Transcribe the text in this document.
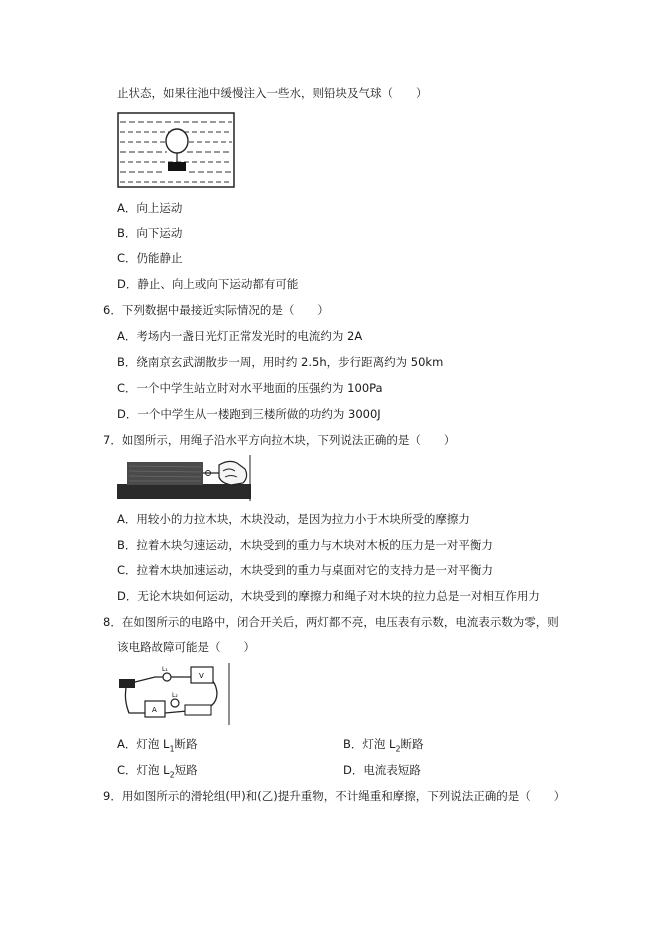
止状态，如果往池中缓慢注入一些水，则铅块及气球（　　）
A．向上运动
B．向下运动
C．仍能静止
D．静止、向上或向下运动都有可能
6．下列数据中最接近实际情况的是（　　）
A．考场内一盏日光灯正常发光时的电流约为 2A
B．绕南京玄武湖散步一周，用时约 2.5h，步行距离约为 50km
C．一个中学生站立时对水平地面的压强约为 100Pa
D．一个中学生从一楼跑到三楼所做的功约为 3000J
7．如图所示，用绳子沿水平方向拉木块，下列说法正确的是（　　）
A．用较小的力拉木块，木块没动，是因为拉力小于木块所受的摩擦力
B．拉着木块匀速运动，木块受到的重力与木块对木板的压力是一对平衡力
C．拉着木块加速运动，木块受到的重力与桌面对它的支持力是一对平衡力
D．无论木块如何运动，木块受到的摩擦力和绳子对木块的拉力总是一对相互作用力
8．在如图所示的电路中，闭合开关后，两灯都不亮，电压表有示数，电流表示数为零，则
该电路故障可能是（　　）
L₁
L₂
V
A
A．灯泡 $L_1$断路	B．灯泡 $L_2$断路
C．灯泡 $L_2$短路	D．电流表短路
9．用如图所示的滑轮组(甲)和(乙)提升重物，不计绳重和摩擦，下列说法正确的是（　　）
